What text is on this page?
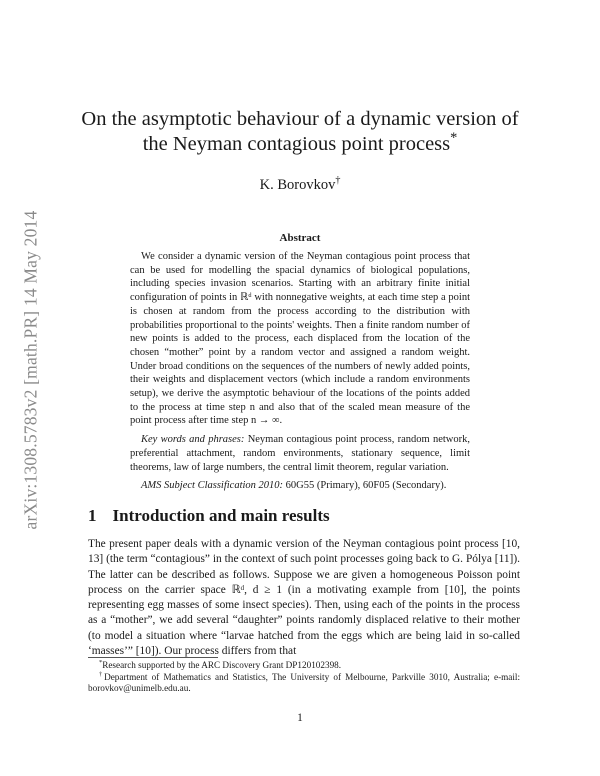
arXiv:1308.5783v2 [math.PR] 14 May 2014
On the asymptotic behaviour of a dynamic version of
the Neyman contagious point process*
K. Borovkov†
Abstract

We consider a dynamic version of the Neyman contagious point process that can be used for modelling the spacial dynamics of biological populations, including species invasion scenarios. Starting with an arbitrary finite initial configuration of points in ℝᵈ with nonnegative weights, at each time step a point is chosen at random from the process according to the distribution with probabilities proportional to the points' weights. Then a finite random number of new points is added to the process, each displaced from the location of the chosen “mother” point by a random vector and assigned a random weight. Under broad conditions on the sequences of the numbers of newly added points, their weights and displacement vectors (which include a random environments setup), we derive the asymptotic behaviour of the locations of the points added to the process at time step n and also that of the scaled mean measure of the point process after time step n → ∞.

Key words and phrases: Neyman contagious point process, random network, preferential attachment, random environments, stationary sequence, limit theorems, law of large numbers, the central limit theorem, regular variation.

AMS Subject Classification 2010: 60G55 (Primary), 60F05 (Secondary).

1 Introduction and main results

The present paper deals with a dynamic version of the Neyman contagious point process [10, 13] (the term “contagious” in the context of such point processes going back to G. Pólya [11]). The latter can be described as follows. Suppose we are given a homogeneous Poisson point process on the carrier space ℝᵈ, d ≥ 1 (in a motivating example from [10], the points representing egg masses of some insect species). Then, using each of the points in the process as a “mother”, we add several “daughter” points randomly displaced relative to their mother (to model a situation where “larvae hatched from the eggs which are being laid in so-called ‘masses’” [10]). Our process differs from that

*Research supported by the ARC Discovery Grant DP120102398.

†Department of Mathematics and Statistics, The University of Melbourne, Parkville 3010, Australia; e-mail: borovkov@unimelb.edu.au.

1
